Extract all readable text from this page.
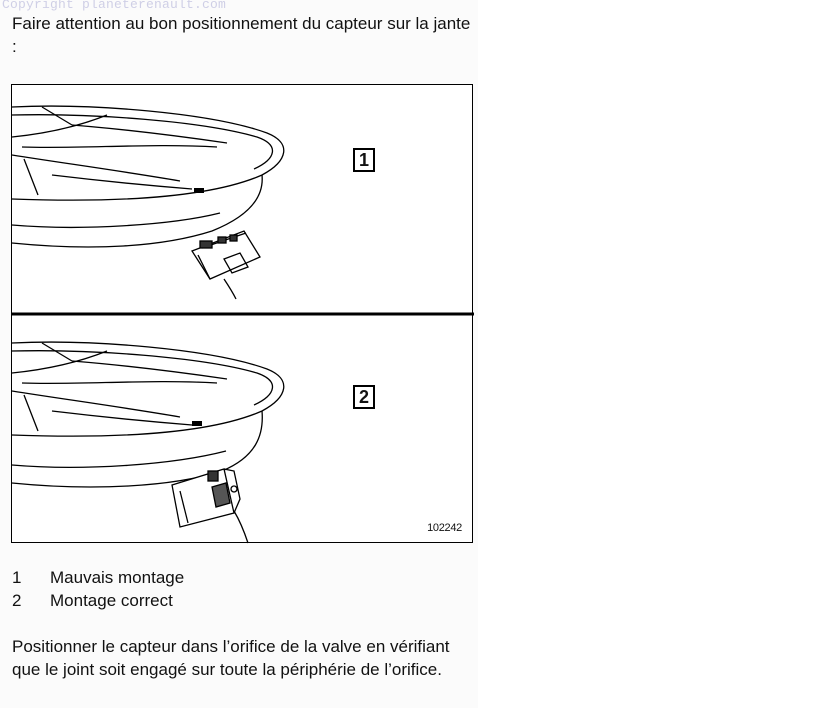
Copyright planeterenault.com

Faire attention au bon positionnement du capteur sur la jante :

1
2
102242
1	Mauvais montage
2	Montage correct

Positionner le capteur dans l’orifice de la valve en vérifiant que le joint soit engagé sur toute la périphérie de l’orifice.
